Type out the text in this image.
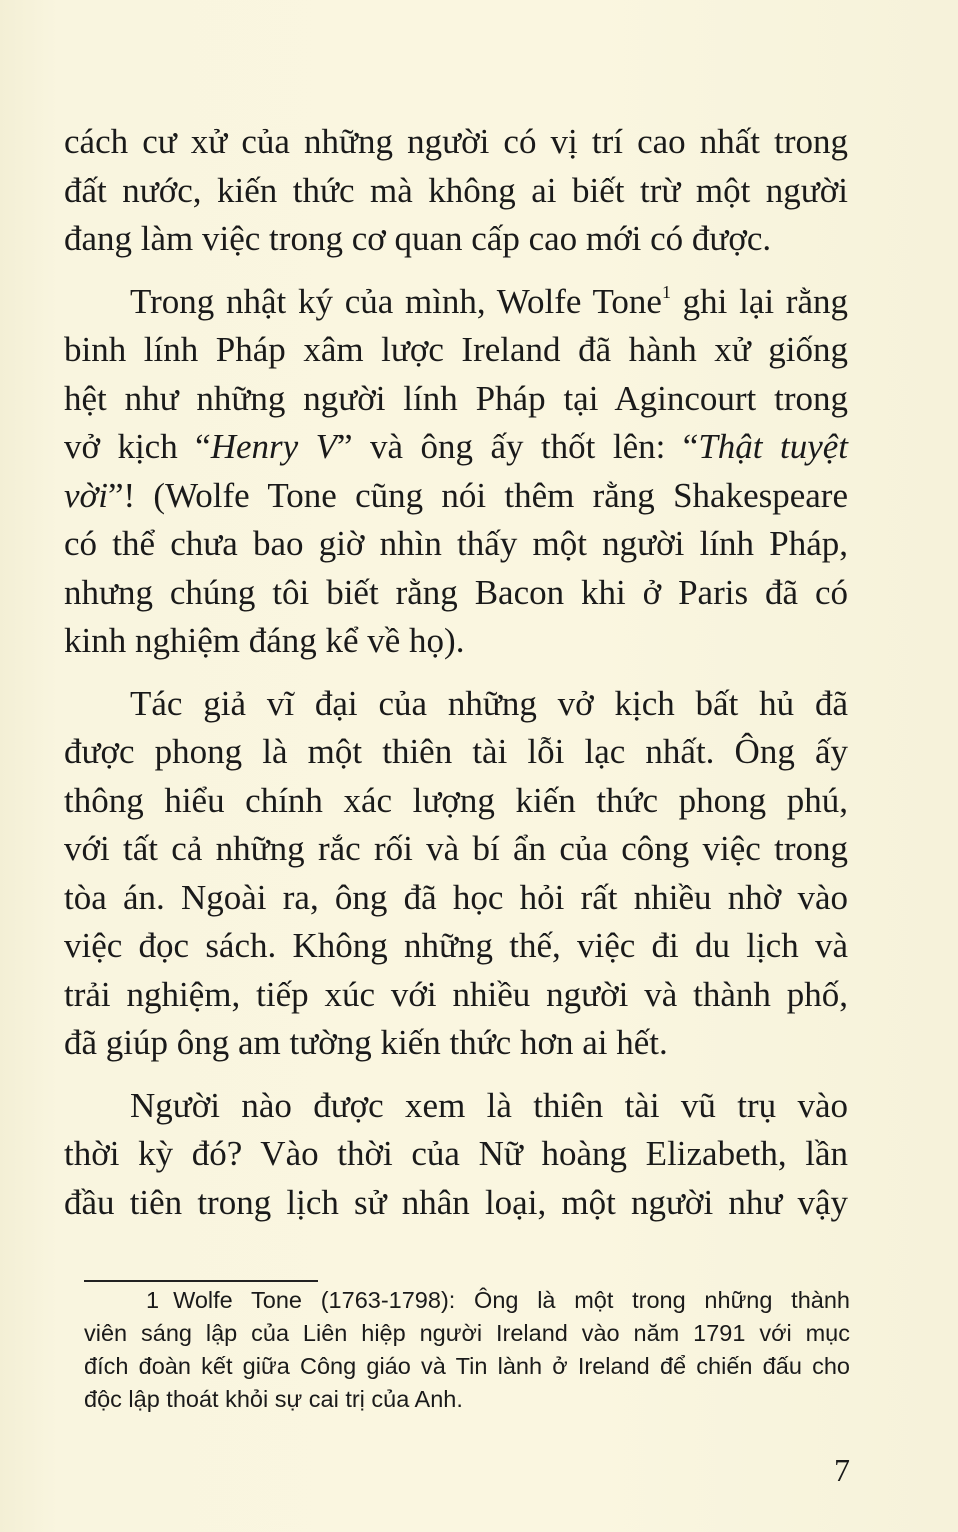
cách cư xử của những người có vị trí cao nhất trong
đất nước, kiến thức mà không ai biết trừ một người
đang làm việc trong cơ quan cấp cao mới có được.

Trong nhật ký của mình, Wolfe Tone$^1$ ghi lại rằng
binh lính Pháp xâm lược Ireland đã hành xử giống
hệt như những người lính Pháp tại Agincourt trong
vở kịch “Henry V” và ông ấy thốt lên: “Thật tuyệt
vời”! (Wolfe Tone cũng nói thêm rằng Shakespeare
có thể chưa bao giờ nhìn thấy một người lính Pháp,
nhưng chúng tôi biết rằng Bacon khi ở Paris đã có
kinh nghiệm đáng kể về họ).

Tác giả vĩ đại của những vở kịch bất hủ đã
được phong là một thiên tài lỗi lạc nhất. Ông ấy
thông hiểu chính xác lượng kiến thức phong phú,
với tất cả những rắc rối và bí ẩn của công việc trong
tòa án. Ngoài ra, ông đã học hỏi rất nhiều nhờ vào
việc đọc sách. Không những thế, việc đi du lịch và
trải nghiệm, tiếp xúc với nhiều người và thành phố,
đã giúp ông am tường kiến thức hơn ai hết.

Người nào được xem là thiên tài vũ trụ vào
thời kỳ đó? Vào thời của Nữ hoàng Elizabeth, lần
đầu tiên trong lịch sử nhân loại, một người như vậy

1 Wolfe Tone (1763-1798): Ông là một trong những thành
viên sáng lập của Liên hiệp người Ireland vào năm 1791 với mục
đích đoàn kết giữa Công giáo và Tin lành ở Ireland để chiến đấu cho
độc lập thoát khỏi sự cai trị của Anh.
7
